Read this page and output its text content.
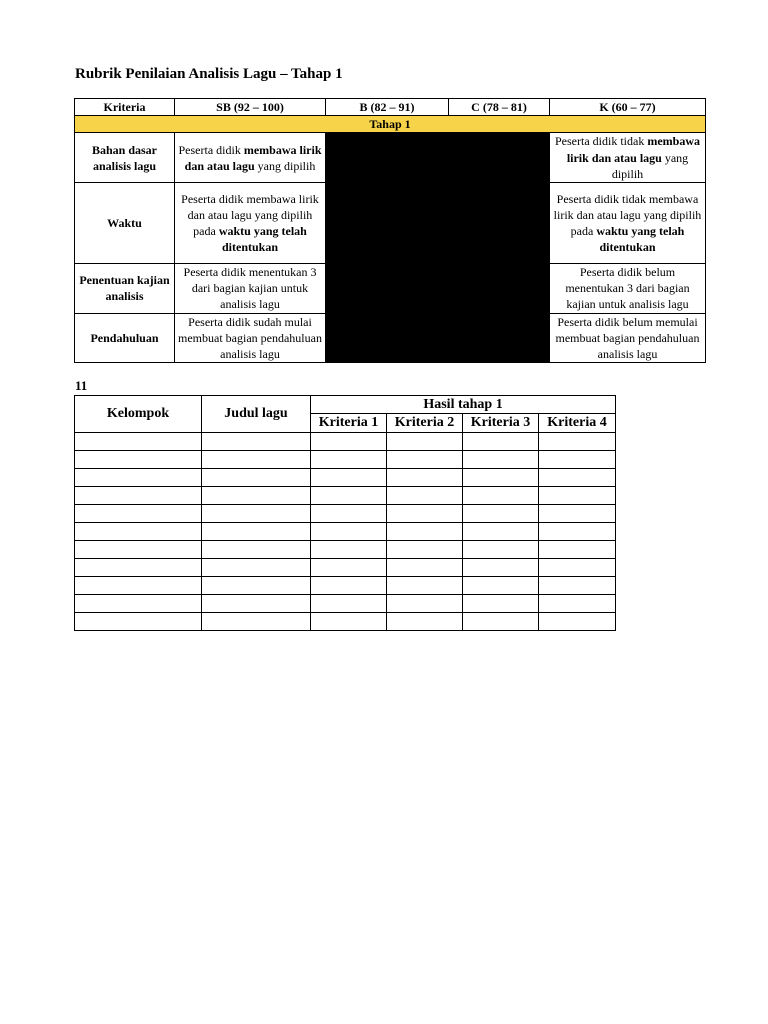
Rubrik Penilaian Analisis Lagu – Tahap 1
Kriteria	SB (92 – 100)	B (82 – 91)	C (78 – 81)	K (60 – 77)
Tahap 1				
Bahan dasar analisis lagu	Peserta didik membawa lirik dan atau lagu yang dipilih			Peserta didik tidak membawa lirik dan atau lagu yang dipilih
Waktu	Peserta didik membawa lirik dan atau lagu yang dipilih pada waktu yang telah ditentukan			Peserta didik tidak membawa lirik dan atau lagu yang dipilih pada waktu yang telah ditentukan
Penentuan kajian analisis	Peserta didik menentukan 3 dari bagian kajian untuk analisis lagu			Peserta didik belum menentukan 3 dari bagian kajian untuk analisis lagu
Pendahuluan	Peserta didik sudah mulai membuat bagian pendahuluan analisis lagu			Peserta didik belum memulai membuat bagian pendahuluan analisis lagu
11
Kelompok	Judul lagu	Hasil tahap 1			
		Kriteria 1	Kriteria 2	Kriteria 3	Kriteria 4
